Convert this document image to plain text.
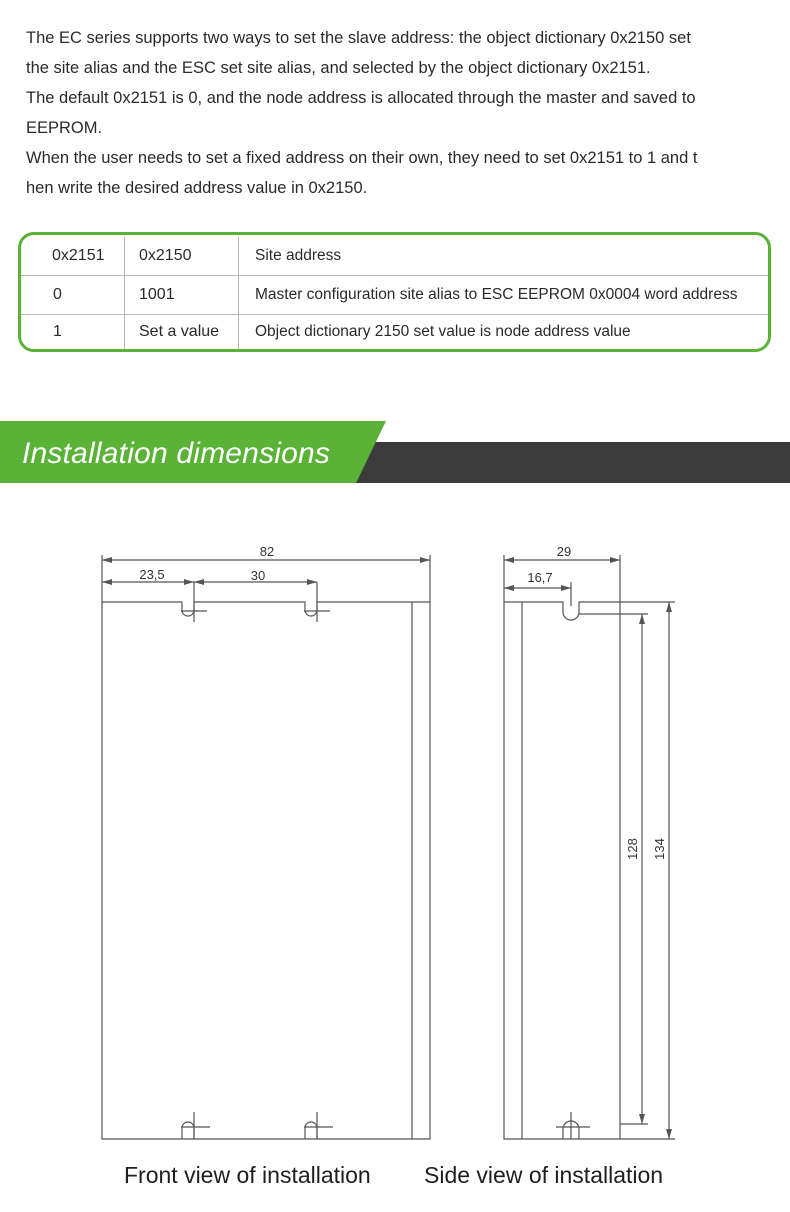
The EC series supports two ways to set the slave address: the object dictionary 0x2150 set
the site alias and the ESC set site alias, and selected by the object dictionary 0x2151.

The default 0x2151 is 0, and the node address is allocated through the master and saved to
EEPROM.

When the user needs to set a fixed address on their own, they need to set 0x2151 to 1 and t
hen write the desired address value in 0x2150.

0x2151	0x2150	Site address
0	1001	Master configuration site alias to ESC EEPROM 0x0004 word address
1	Set a value	Object dictionary 2150 set value is node address value
Installation dimensions
82
23,5	30
29
16,7
128 134
Front view of installation Side view of installation
